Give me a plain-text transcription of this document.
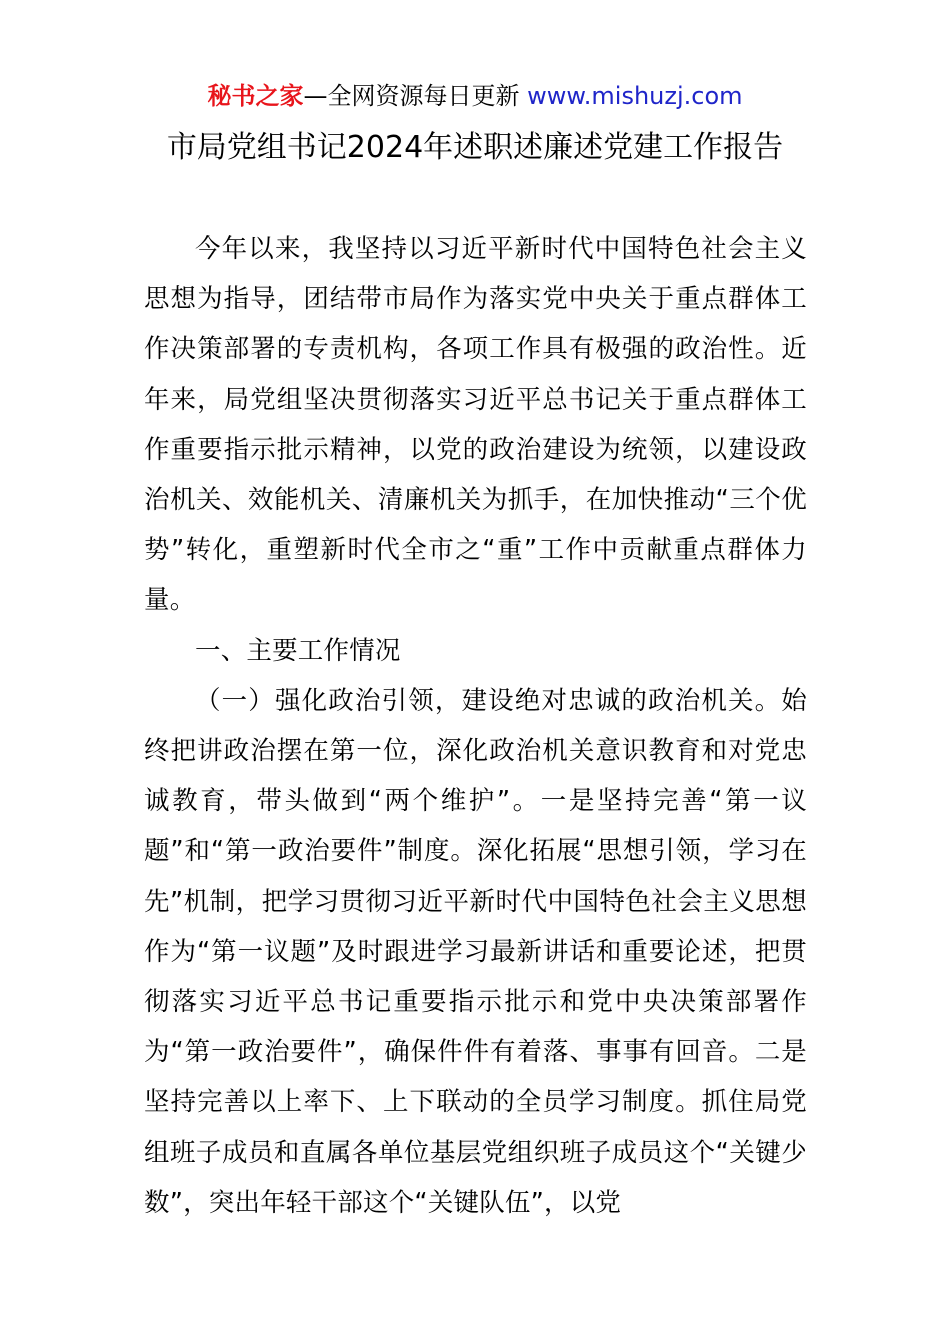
秘书之家—全网资源每日更新 www.mishuzj.com
市局党组书记2024年述职述廉述党建工作报告

今年以来，我坚持以习近平新时代中国特色社会主义思想为指导，团结带市局作为落实党中央关于重点群体工作决策部署的专责机构，各项工作具有极强的政治性。近年来，局党组坚决贯彻落实习近平总书记关于重点群体工作重要指示批示精神，以党的政治建设为统领，以建设政治机关、效能机关、清廉机关为抓手，在加快推动“三个优势”转化，重塑新时代全市之“重”工作中贡献重点群体力量。

一、主要工作情况

（一）强化政治引领，建设绝对忠诚的政治机关。始终把讲政治摆在第一位，深化政治机关意识教育和对党忠诚教育，带头做到“两个维护”。一是坚持完善“第一议题”和“第一政治要件”制度。深化拓展“思想引领，学习在先”机制，把学习贯彻习近平新时代中国特色社会主义思想作为“第一议题”及时跟进学习最新讲话和重要论述，把贯彻落实习近平总书记重要指示批示和党中央决策部署作为“第一政治要件”，确保件件有着落、事事有回音。二是坚持完善以上率下、上下联动的全员学习制度。抓住局党组班子成员和直属各单位基层党组织班子成员这个“关键少数”，突出年轻干部这个“关键队伍”，以党
